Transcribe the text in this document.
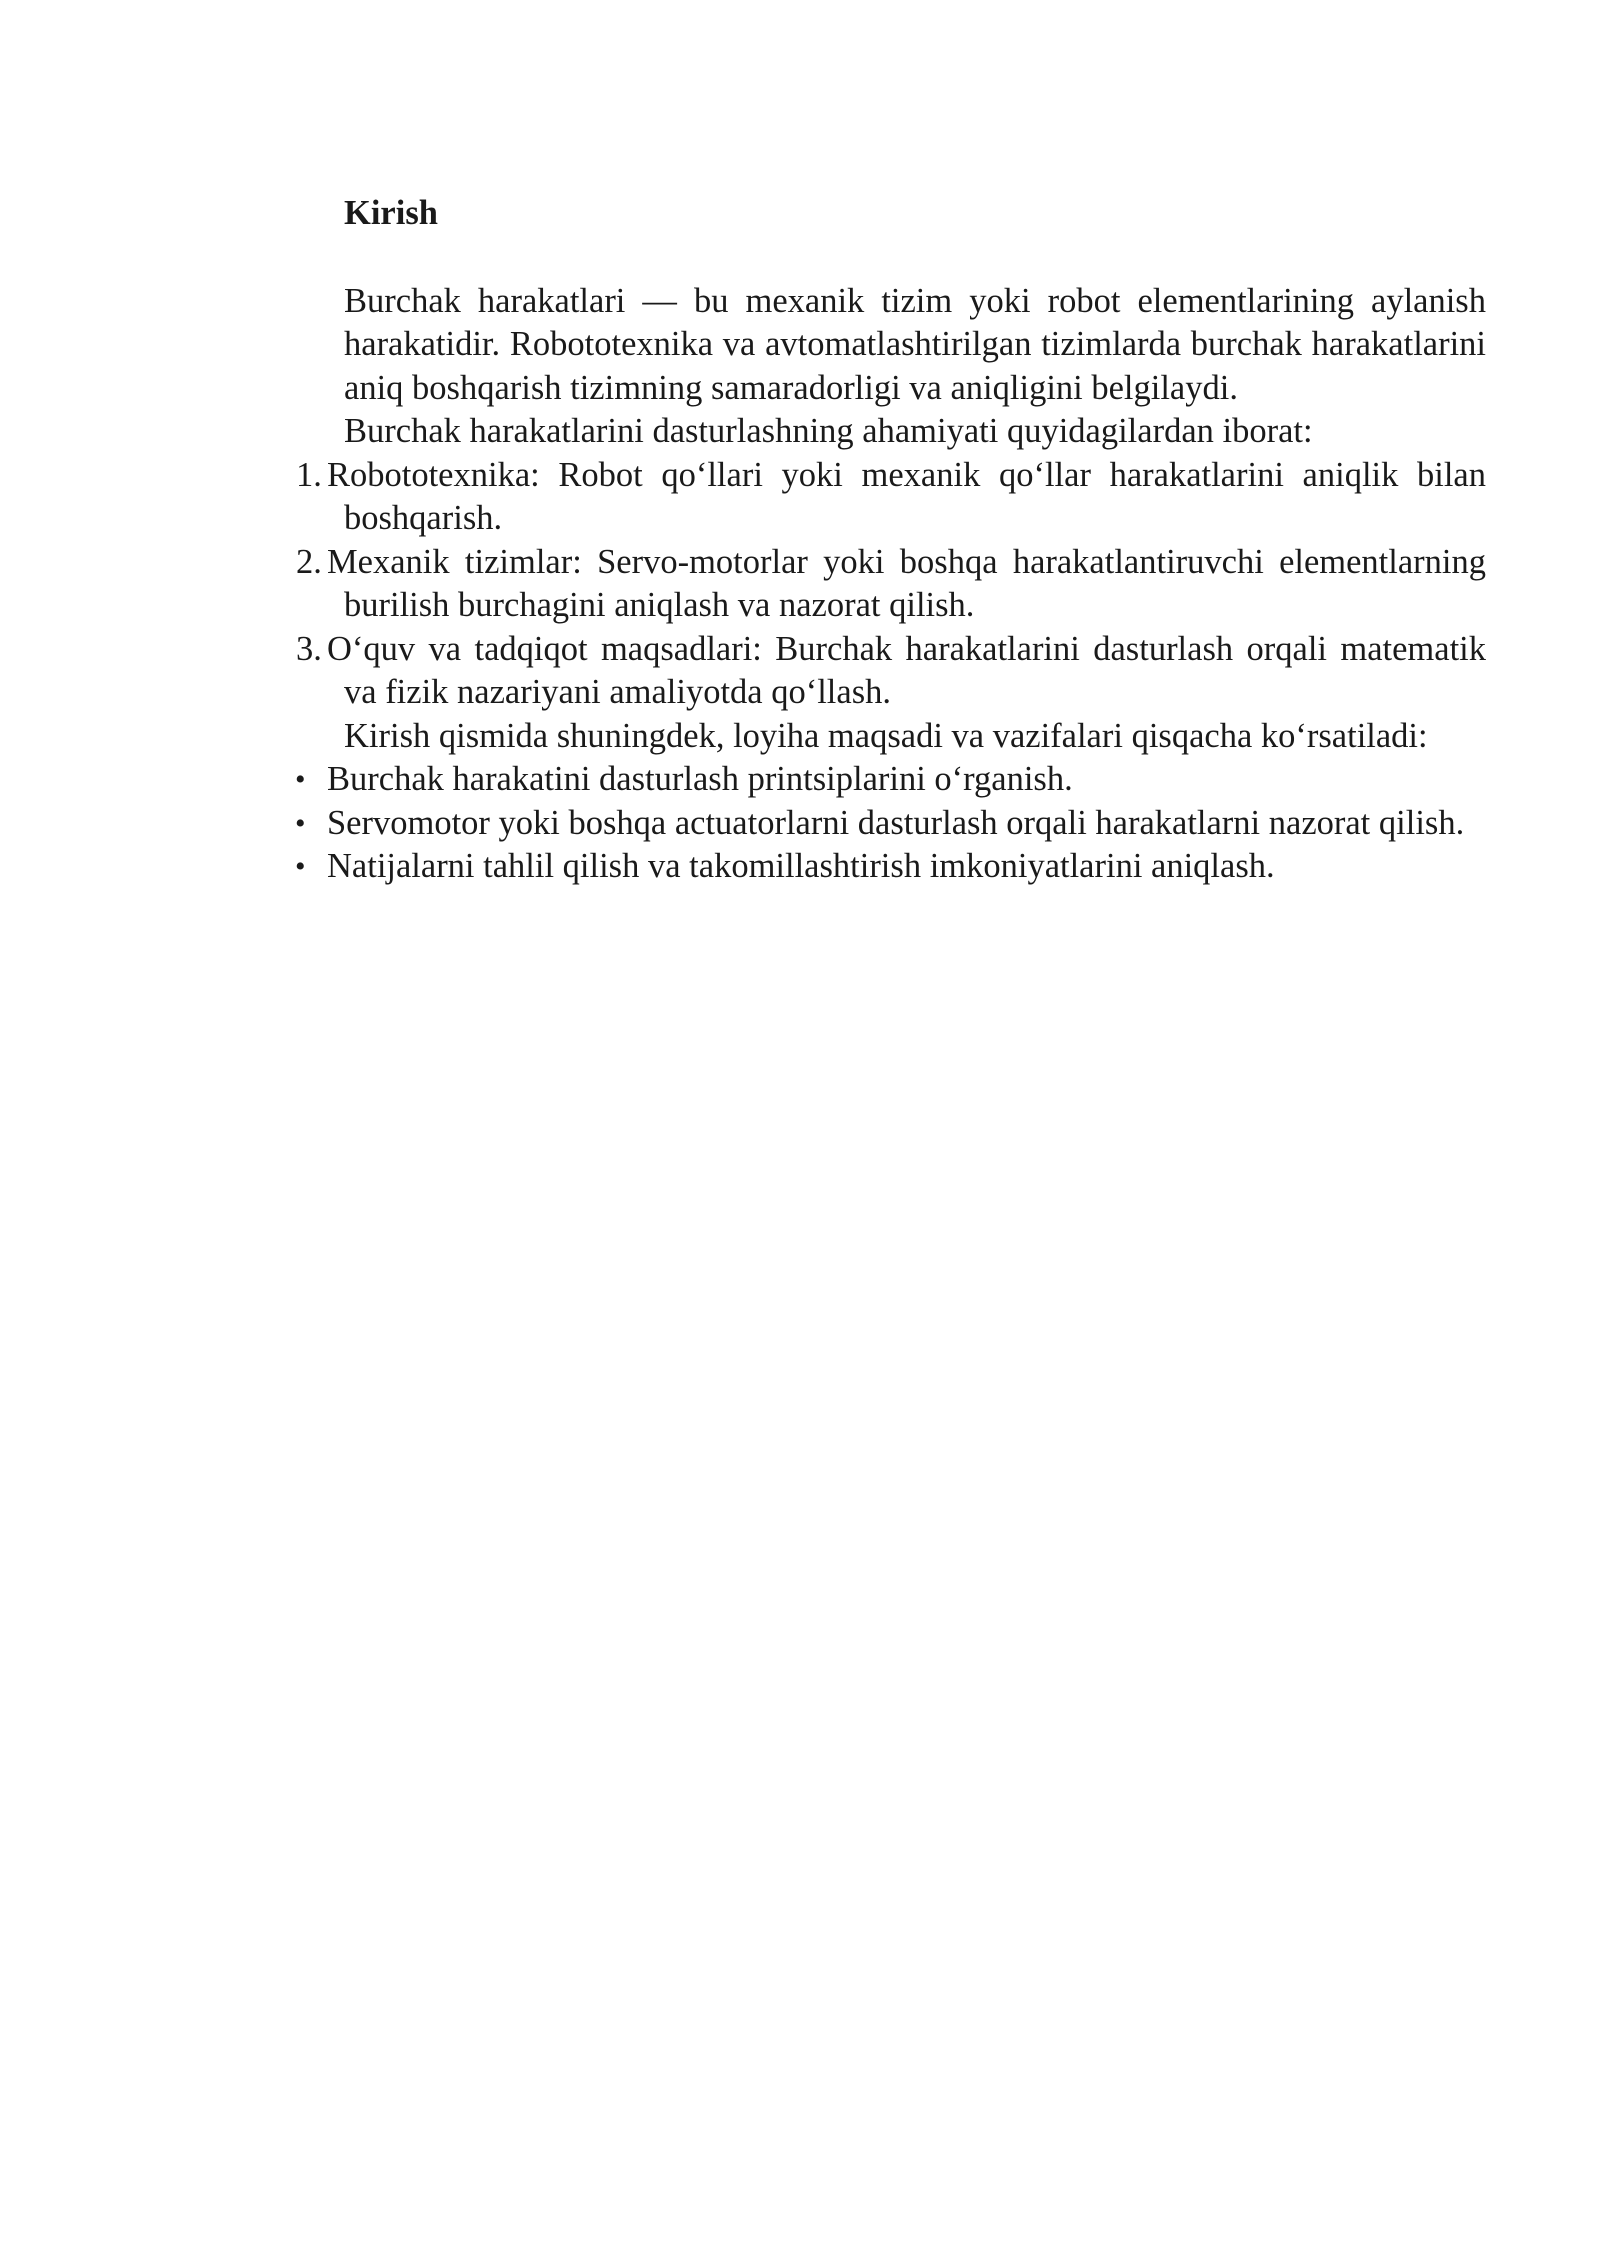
Kirish

Burchak harakatlari — bu mexanik tizim yoki robot elementlarining aylanish harakatidir. Robototexnika va avtomatlashtirilgan tizimlarda burchak harakatlarini aniq boshqarish tizimning samaradorligi va aniqligini belgilaydi.

Burchak harakatlarini dasturlashning ahamiyati quyidagilardan iborat:

1. Robototexnika: Robot qo‘llari yoki mexanik qo‘llar harakatlarini aniqlik bilan boshqarish.
2. Mexanik tizimlar: Servo-motorlar yoki boshqa harakatlantiruvchi elementlarning burilish burchagini aniqlash va nazorat qilish.
3. O‘quv va tadqiqot maqsadlari: Burchak harakatlarini dasturlash orqali matematik va fizik nazariyani amaliyotda qo‘llash.

Kirish qismida shuningdek, loyiha maqsadi va vazifalari qisqacha ko‘rsatiladi:

• Burchak harakatini dasturlash printsiplarini o‘rganish.
• Servomotor yoki boshqa actuatorlarni dasturlash orqali harakatlarni nazorat qilish.
• Natijalarni tahlil qilish va takomillashtirish imkoniyatlarini aniqlash.
